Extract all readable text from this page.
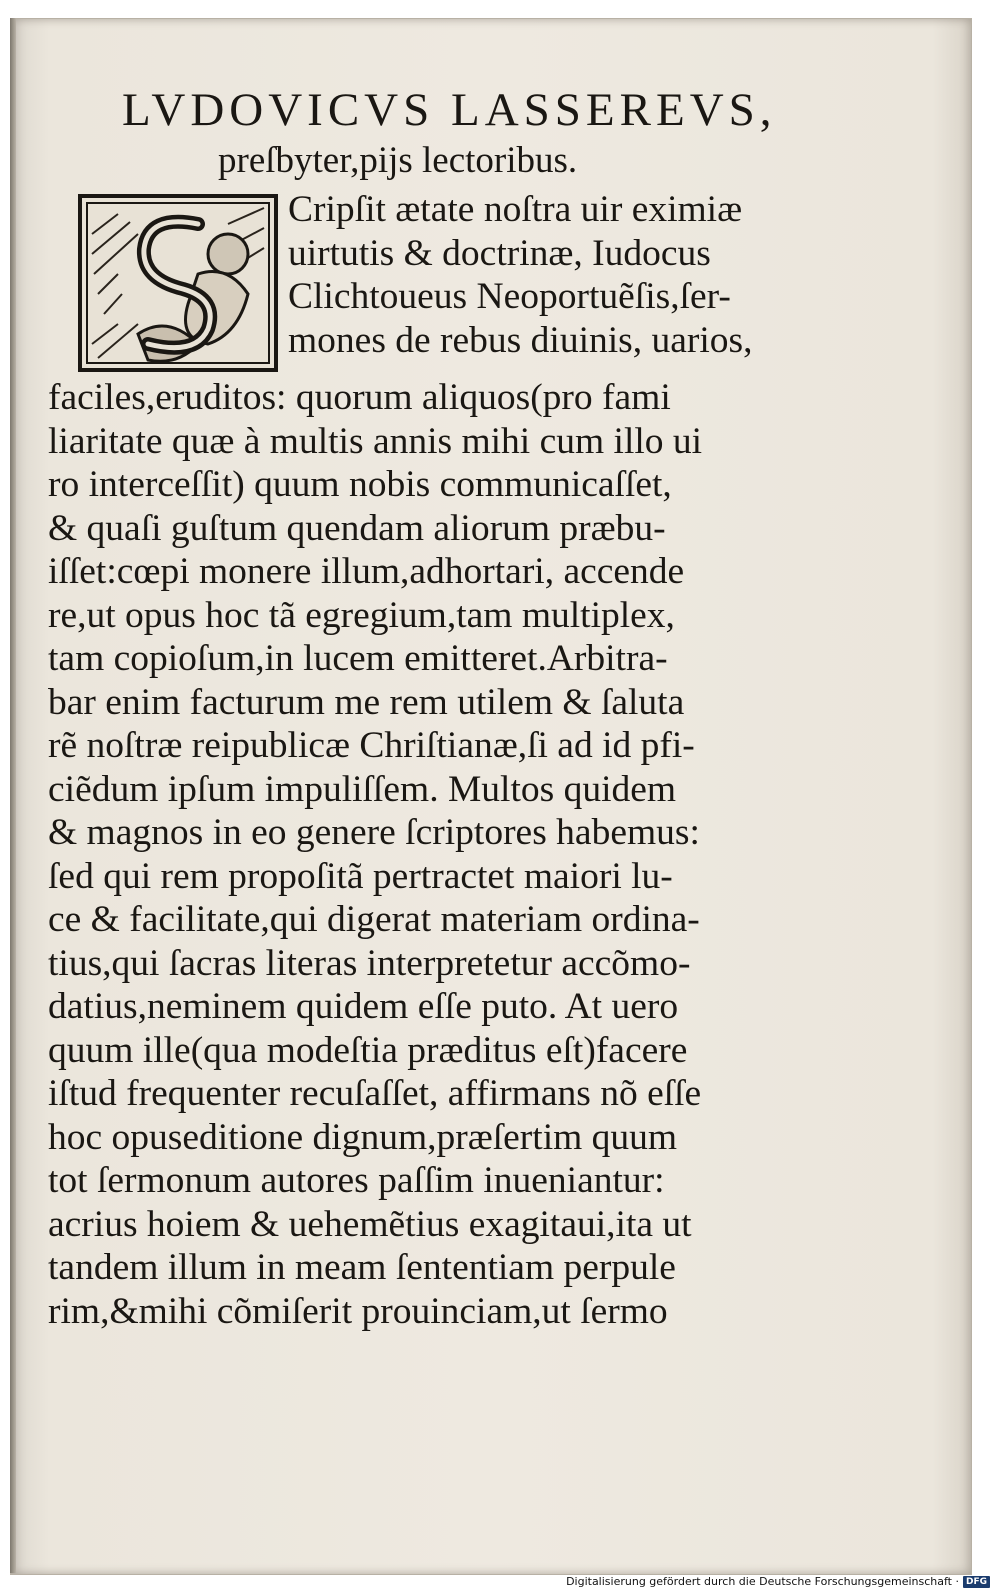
LVDOVICVS LASSEREVS,
preſbyter,pijs lectoribus.
Cripſit ætate noſtra uir eximiæ
uirtutis & doctrinæ, Iudocus
Clichtoueus Neoportuẽſis,ſer-
mones de rebus diuinis, uarios,
faciles,eruditos: quorum aliquos(pro fami
liaritate quæ à multis annis mihi cum illo ui
ro interceſſit) quum nobis communicaſſet,
& quaſi guſtum quendam aliorum præbu-
iſſet:cœpi monere illum,adhortari, accende
re,ut opus hoc tã egregium,tam multiplex,
tam copioſum,in lucem emitteret.Arbitra-
bar enim facturum me rem utilem & ſaluta
rẽ noſtræ reipublicæ Chriſtianæ,ſi ad id pfi-
ciẽdum ipſum impuliſſem. Multos quidem
& magnos in eo genere ſcriptores habemus:
ſed qui rem propoſitã pertractet maiori lu-
ce & facilitate,qui digerat materiam ordina-
tius,qui ſacras literas interpretetur accõmo-
datius,neminem quidem eſſe puto. At uero
quum ille(qua modeſtia præditus eſt)facere
iſtud frequenter recuſaſſet, affirmans nõ eſſe
hoc opuseditione dignum,præſertim quum
tot ſermonum autores paſſim inueniantur:
acrius hoiem & uehemẽtius exagitaui,ita ut
tandem illum in meam ſententiam perpule
rim,&mihi cõmiſerit prouinciam,ut ſermo
Digitalisierung gefördert durch die Deutsche Forschungsgemeinschaft · DFG
